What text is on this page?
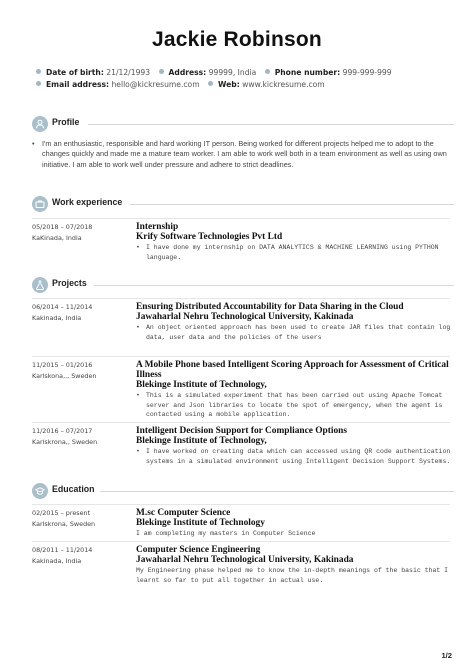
Jackie Robinson
Date of birth: 21/12/1993 Address: 99999, India Phone number: 999-999-999
Email address: hello@kickresume.com Web: www.kickresume.com
Profile
•	I'm an enthusiastic, responsible and hard working IT person. Being worked for different projects helped me to adopt to the changes quickly and made me a mature team worker. I am able to work well both in a team environment as well as using own initiative. I am able to work well under pressure and adhere to strict deadlines.
Work experience
05/2018 – 07/2018
KaKinada, India
Internship
Krify Software Technologies Pvt Ltd
• I have done my internship on DATA ANALYTICS & MACHINE LEARNING using PYTHON language.
Projects
06/2014 – 11/2014
Kakinada, India
Ensuring Distributed Accountability for Data Sharing in the Cloud
Jawaharlal Nehru Technological University, Kakinada
• An object oriented approach has been used to create JAR files that contain log data, user data and the policies of the users
11/2015 – 01/2016
Karlskona,., Sweden
A Mobile Phone based Intelligent Scoring Approach for Assessment of Critical Illness
Blekinge Institute of Technology,
• This is a simulated experiment that has been carried out using Apache Tomcat server and Json libraries to locate the spot of emergency, when the agent is contacted using a mobile application.
11/2016 – 07/2017
Karlskrona,, Sweden
Intelligent Decision Support for Compliance Options
Blekinge Institute of Technology,
• I have worked on creating data which can accessed using QR code authentication systems in a simulated environment using Intelligent Decision Support Systems.
Education
02/2015 – present
Karlskrona, Sweden
M.sc Computer Science
Blekinge Institute of Technology
I am completing my masters in Computer Science
08/2011 – 11/2014
Kakinada, India
Computer Science Engineering
Jawaharlal Nehru Technological University, Kakinada
My Engineering phase helped me to know the in-depth meanings of the basic that I learnt so far to put all together in actual use.
1/2
